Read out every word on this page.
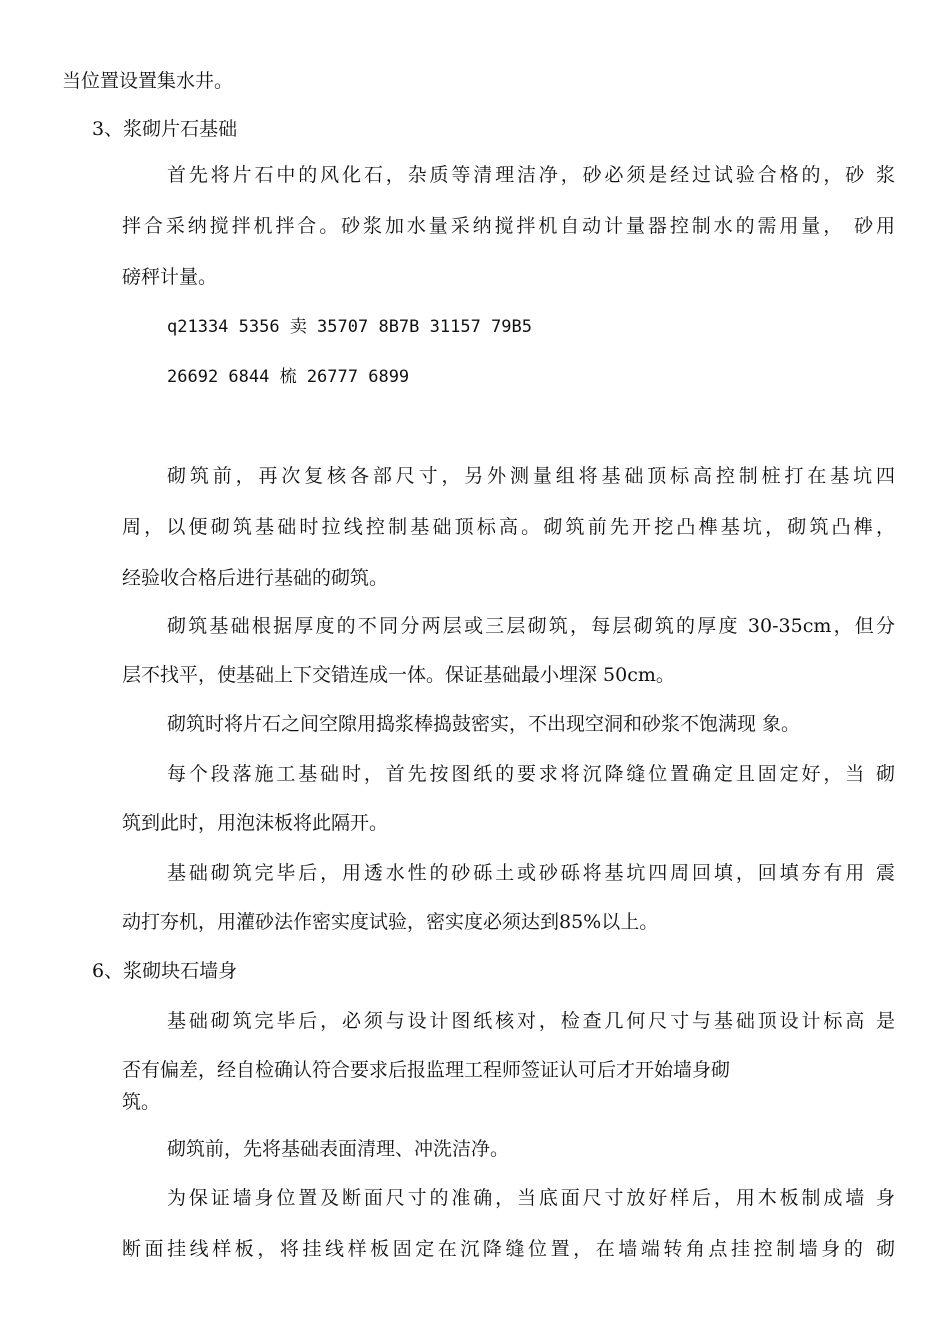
当位置设置集水井。
3、浆砌片石基础
首先将片石中的风化石，杂质等清理洁净，砂必须是经过试验合格的，砂 浆
拌合采纳搅拌机拌合。砂浆加水量采纳搅拌机自动计量器控制水的需用量， 砂用
磅秤计量。
q21334 5356 卖 35707 8B7B 31157 79B5
26692 6844 梳 26777 6899
砌筑前，再次复核各部尺寸，另外测量组将基础顶标高控制桩打在基坑四
周，以便砌筑基础时拉线控制基础顶标高。砌筑前先开挖凸榫基坑，砌筑凸榫，
经验收合格后进行基础的砌筑。
砌筑基础根据厚度的不同分两层或三层砌筑，每层砌筑的厚度 30-35cm，但分
层不找平，使基础上下交错连成一体。保证基础最小埋深 50cm。
砌筑时将片石之间空隙用捣浆棒捣鼓密实，不出现空洞和砂浆不饱满现 象。
每个段落施工基础时，首先按图纸的要求将沉降缝位置确定且固定好，当 砌
筑到此时，用泡沫板将此隔开。
基础砌筑完毕后，用透水性的砂砾土或砂砾将基坑四周回填，回填夯有用 震
动打夯机，用灌砂法作密实度试验，密实度必须达到85%以上。
6、浆砌块石墙身
基础砌筑完毕后，必须与设计图纸核对，检查几何尺寸与基础顶设计标高 是
否有偏差，经自检确认符合要求后报监理工程师签证认可后才开始墙身砌
筑。
砌筑前，先将基础表面清理、冲洗洁净。
为保证墙身位置及断面尺寸的准确，当底面尺寸放好样后，用木板制成墙 身
断面挂线样板，将挂线样板固定在沉降缝位置，在墙端转角点挂控制墙身的 砌
